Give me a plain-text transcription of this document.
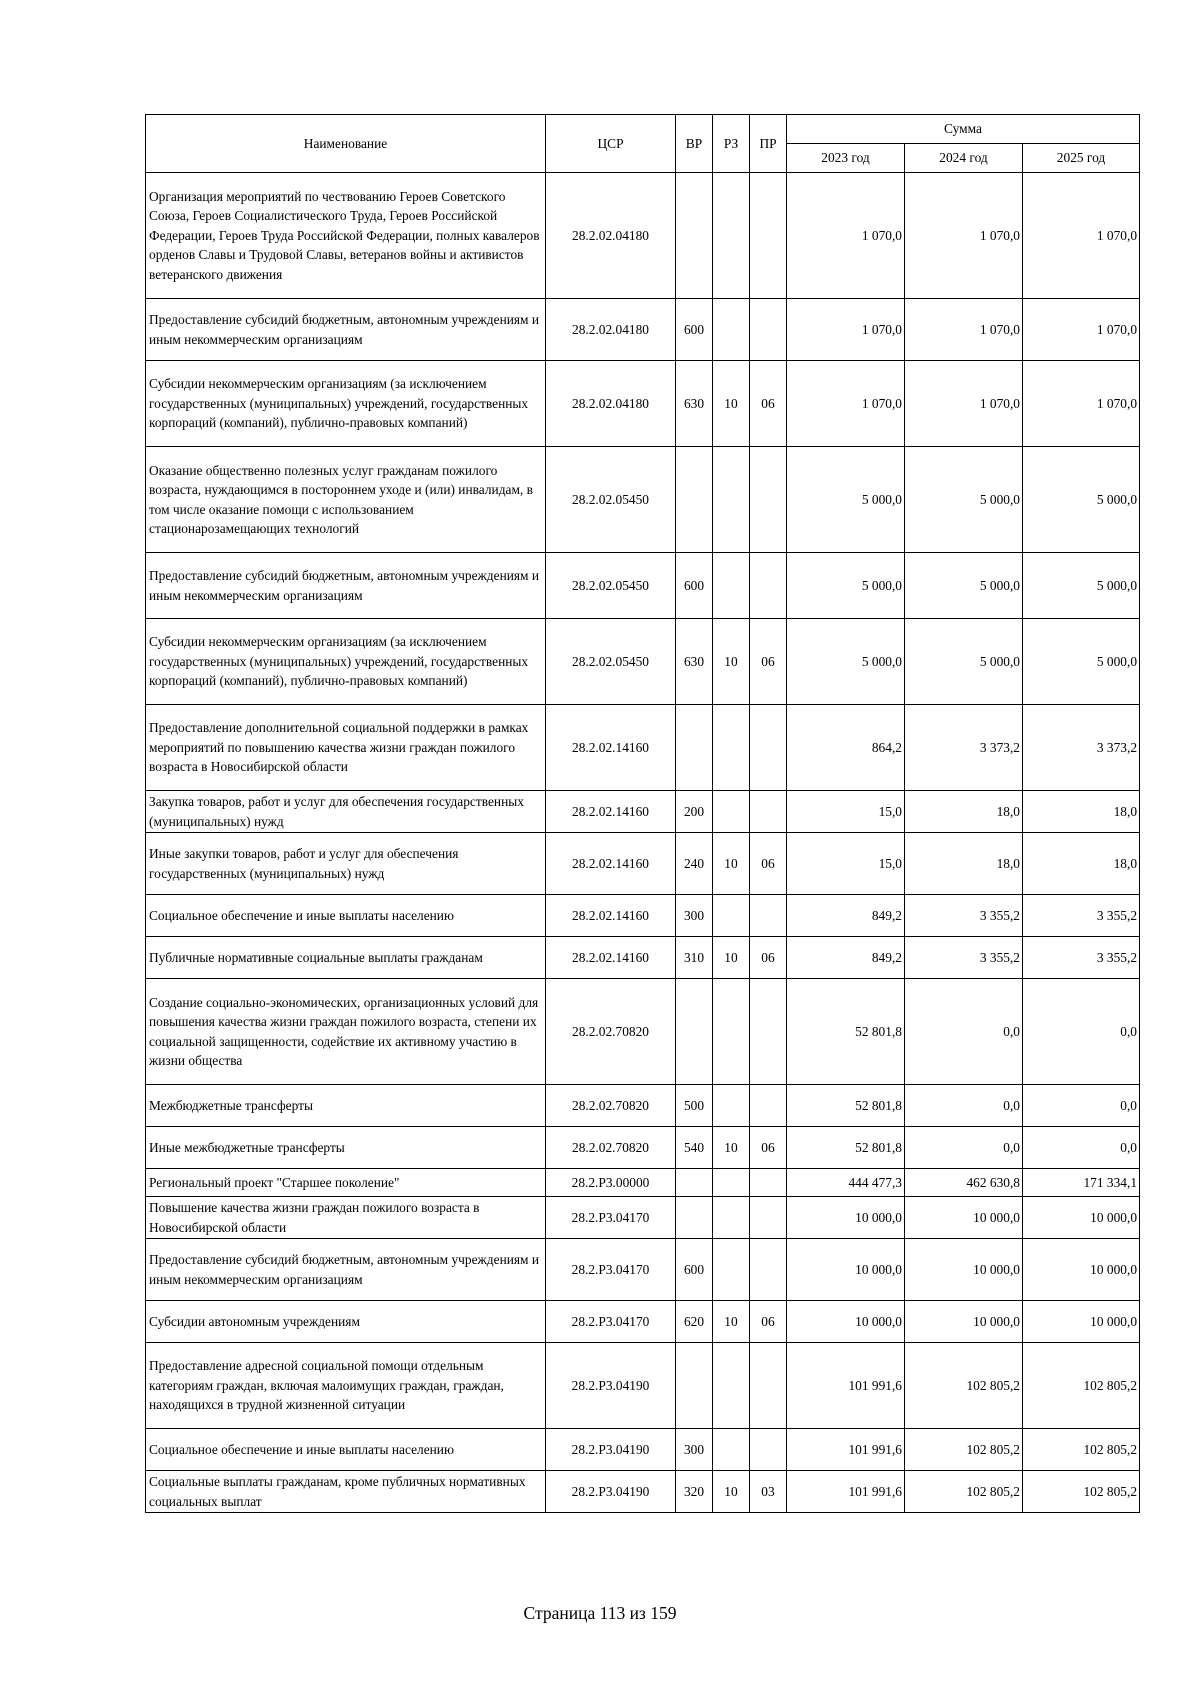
Наименование	ЦСР	ВР	РЗ	ПР	Сумма		
					2023 год	2024 год	2025 год
Организация мероприятий по чествованию Героев Советского Союза, Героев Социалистического Труда, Героев Российской Федерации, Героев Труда Российской Федерации, полных кавалеров орденов Славы и Трудовой Славы, ветеранов войны и активистов ветеранского движения	28.2.02.04180				1 070,0	1 070,0	1 070,0
Предоставление субсидий бюджетным, автономным учреждениям и иным некоммерческим организациям	28.2.02.04180	600			1 070,0	1 070,0	1 070,0
Субсидии некоммерческим организациям (за исключением государственных (муниципальных) учреждений, государственных корпораций (компаний), публично-правовых компаний)	28.2.02.04180	630	10	06	1 070,0	1 070,0	1 070,0
Оказание общественно полезных услуг гражданам пожилого возраста, нуждающимся в постороннем уходе и (или) инвалидам, в том числе оказание помощи с использованием стационарозамещающих технологий	28.2.02.05450				5 000,0	5 000,0	5 000,0
Предоставление субсидий бюджетным, автономным учреждениям и иным некоммерческим организациям	28.2.02.05450	600			5 000,0	5 000,0	5 000,0
Субсидии некоммерческим организациям (за исключением государственных (муниципальных) учреждений, государственных корпораций (компаний), публично-правовых компаний)	28.2.02.05450	630	10	06	5 000,0	5 000,0	5 000,0
Предоставление дополнительной социальной поддержки в рамках мероприятий по повышению качества жизни граждан пожилого возраста в Новосибирской области	28.2.02.14160				864,2	3 373,2	3 373,2
Закупка товаров, работ и услуг для обеспечения государственных (муниципальных) нужд	28.2.02.14160	200			15,0	18,0	18,0
Иные закупки товаров, работ и услуг для обеспечения государственных (муниципальных) нужд	28.2.02.14160	240	10	06	15,0	18,0	18,0
Социальное обеспечение и иные выплаты населению	28.2.02.14160	300			849,2	3 355,2	3 355,2
Публичные нормативные социальные выплаты гражданам	28.2.02.14160	310	10	06	849,2	3 355,2	3 355,2
Создание социально-экономических, организационных условий для повышения качества жизни граждан пожилого возраста, степени их социальной защищенности, содействие их активному участию в жизни общества	28.2.02.70820				52 801,8	0,0	0,0
Межбюджетные трансферты	28.2.02.70820	500			52 801,8	0,0	0,0
Иные межбюджетные трансферты	28.2.02.70820	540	10	06	52 801,8	0,0	0,0
Региональный проект "Старшее поколение"	28.2.P3.00000				444 477,3	462 630,8	171 334,1
Повышение качества жизни граждан пожилого возраста в Новосибирской области	28.2.P3.04170				10 000,0	10 000,0	10 000,0
Предоставление субсидий бюджетным, автономным учреждениям и иным некоммерческим организациям	28.2.P3.04170	600			10 000,0	10 000,0	10 000,0
Субсидии автономным учреждениям	28.2.P3.04170	620	10	06	10 000,0	10 000,0	10 000,0
Предоставление адресной социальной помощи отдельным категориям граждан, включая малоимущих граждан, граждан, находящихся в трудной жизненной ситуации	28.2.P3.04190				101 991,6	102 805,2	102 805,2
Социальное обеспечение и иные выплаты населению	28.2.P3.04190	300			101 991,6	102 805,2	102 805,2
Социальные выплаты гражданам, кроме публичных нормативных социальных выплат	28.2.P3.04190	320	10	03	101 991,6	102 805,2	102 805,2
Страница 113 из 159
